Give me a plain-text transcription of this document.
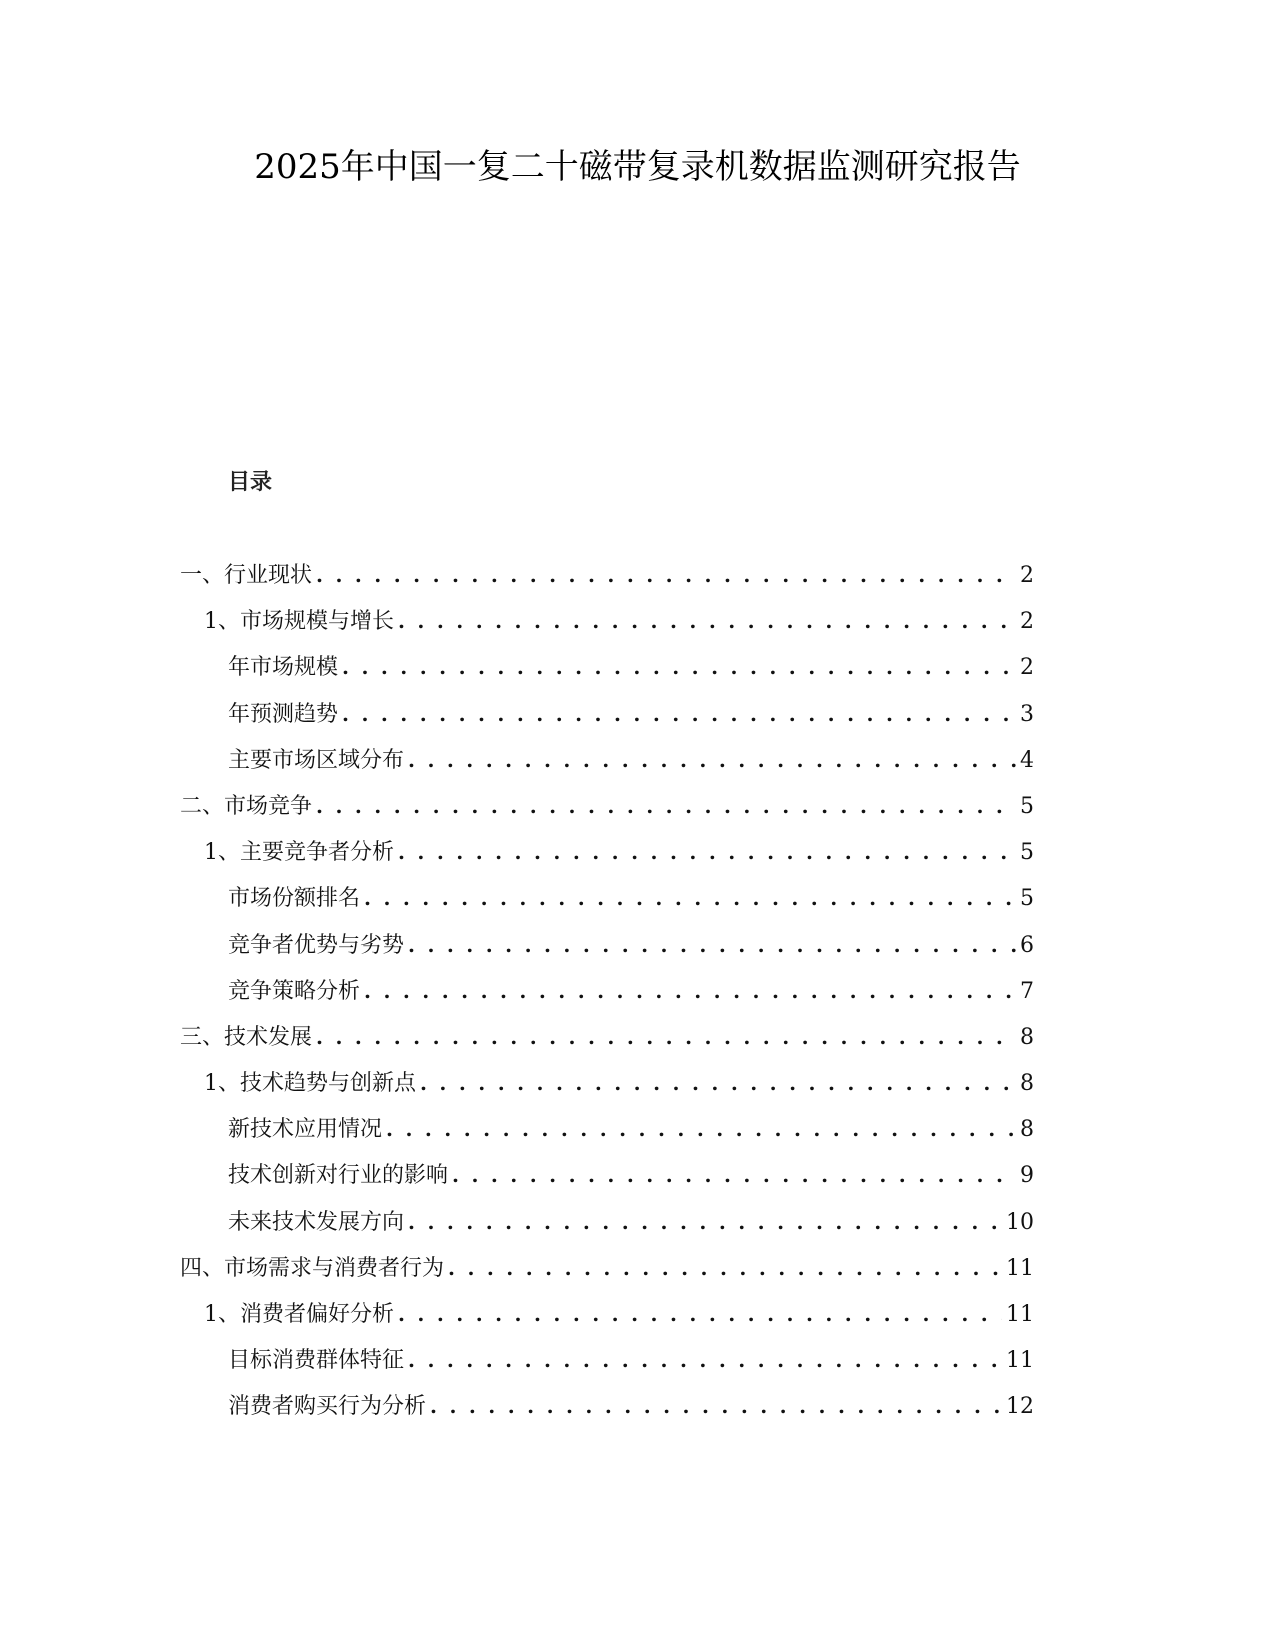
2025年中国一复二十磁带复录机数据监测研究报告
目录
一、行业现状 . . .	2
1、市场规模与增长 . . .	2
年市场规模 . . .	2
年预测趋势 . . .	3
主要市场区域分布 . . .	4
二、市场竞争 . . .	5
1、主要竞争者分析 . . .	5
市场份额排名 . . .	5
竞争者优势与劣势 . . .	6
竞争策略分析 . . .	7
三、技术发展 . . .	8
1、技术趋势与创新点 . . .	8
新技术应用情况 . . .	8
技术创新对行业的影响 . . .	9
未来技术发展方向 . . .	10
四、市场需求与消费者行为 . . .	11
1、消费者偏好分析 . . .	11
目标消费群体特征 . . .	11
消费者购买行为分析 . . .	12
